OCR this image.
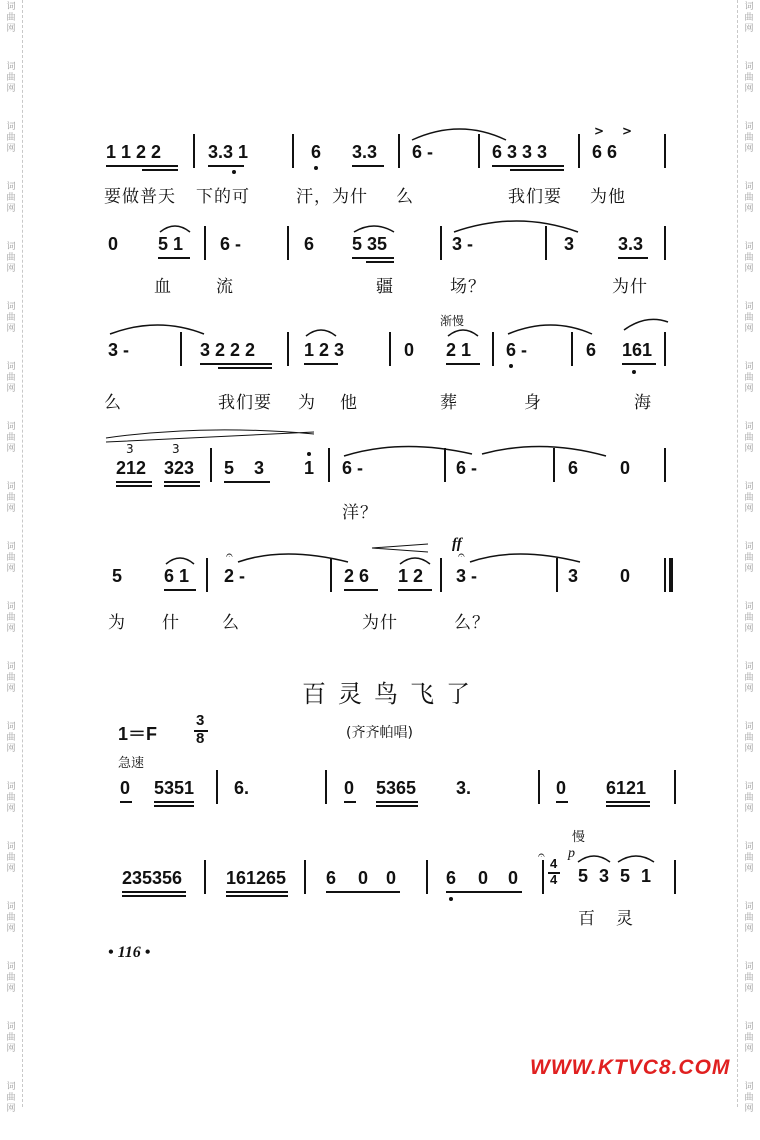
词
曲
网
词
曲
网
词
曲
网
词
曲
网
词
曲
网
词
曲
网
词
曲
网
词
曲
网
词
曲
网
词
曲
网
词
曲
网
词
曲
网
词
曲
网
词
曲
网
词
曲
网
词
曲
网
词
曲
网
词
曲
网
词
曲
网
词
曲
网
词
曲
网
词
曲
网
词
曲
网
词
曲
网
词
曲
网
词
曲
网
词
曲
网
词
曲
网
词
曲
网
词
曲
网
词
曲
网
词
曲
网
词
曲
网
词
曲
网
词
曲
网
词
曲
网
词
曲
网
词
曲
网
1 1 2 2	3.3 1	6 3.3 6 -	6 3 3 3
> >
6 6
要做普天 下的可	汗，为什 么	我们要 为他
0 5 1 6 -	6 5 35	3 -	3 3.3
血	流	疆	场？	为什
渐慢
3 -	3 2 2 2	1 2 3	0 2 1 6 -	6 161
么	我们要 为 他	葬	身	海
3	3
212 323 5 3 1 6 -	6 -	6 0
洋？
ff
5 6 1 2 -
𝄐
2 6 1 2 3 -
𝄐
3 0
为 什 么	为什	么？
百灵鸟飞了
1＝F
3
8	(齐齐帕唱)
急速
0 5351 6.	0 5365 3.	0 6121
慢
235356 161265 6 0 0	6 0 0
𝄐
4
4
p
5 3 5 1
百 灵
• 116 •
WWW.KTVC8.COM
